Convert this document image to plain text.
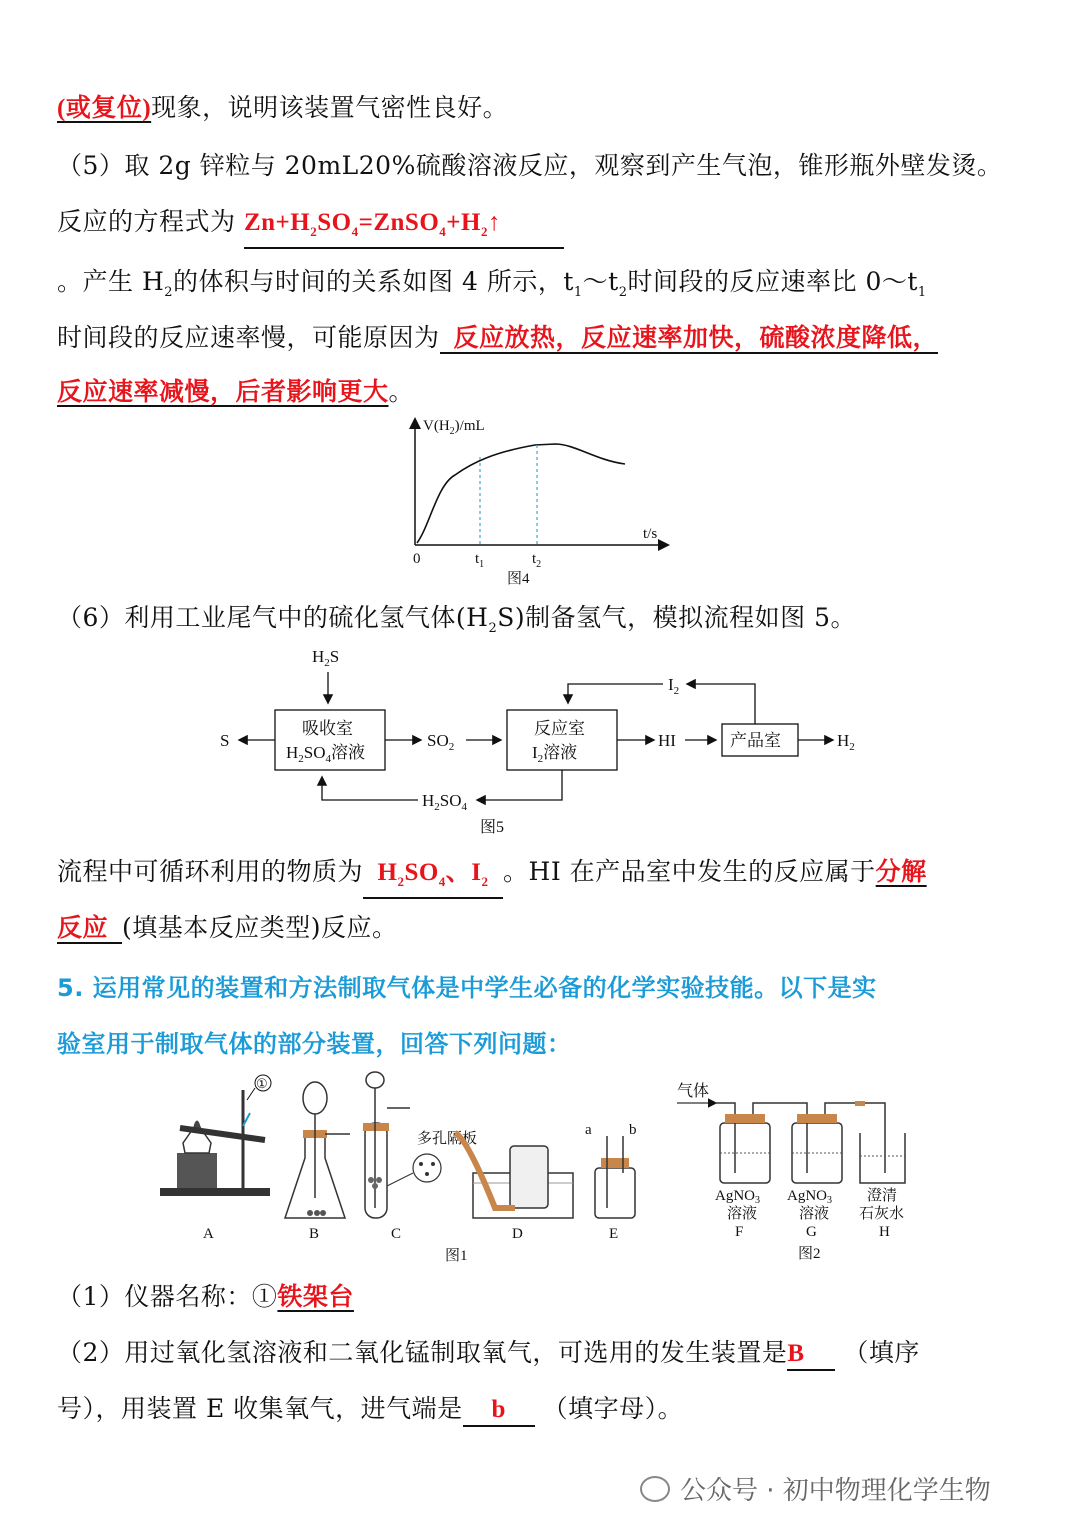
(或复位)现象，说明该装置气密性良好。
（5）取 2g 锌粒与 20mL20%硫酸溶液反应，观察到产生气泡，锥形瓶外壁发烫。
反应的方程式为 $Zn+H_2SO_4=ZnSO_4+H_2↑$
。产生 $H_2$的体积与时间的关系如图 4 所示，$t_1\sim t_2$时间段的反应速率比 $0\sim t_1$
时间段的反应速率慢，可能原因为 反应放热，反应速率加快，硫酸浓度降低，
反应速率减慢，后者影响更大。
$V(H_2)/mL$
t/s
0	$t_1$	$t_2$
图4
（6）利用工业尾气中的硫化氢气体$(H_2S)$制备氢气，模拟流程如图 5。
$H_2S$
吸收室
$H_2SO_4$溶液
S	$SO_2$
反应室
$I_2$溶液
HI	产品室	$H_2$
$I_2$
$H_2SO_4$
图5
流程中可循环利用的物质为 $H_2SO_4$、$I_2$ 。HI 在产品室中发生的反应属于分解
反应 (填基本反应类型)反应。
5. 运用常见的装置和方法制取气体是中学生必备的化学实验技能。以下是实
验室用于制取气体的部分装置，回答下列问题：
①
多孔隔板
a b
A	B	C	D	E
图1
气体
AgNO$_3$
溶液
F
AgNO$_3$
溶液
G
澄清
石灰水
H
图2
（1）仪器名称：①铁架台
（2）用过氧化氢溶液和二氧化锰制取氧气，可选用的发生装置是B （填序
号），用装置 E 收集氧气，进气端是 b （填字母）。
公众号 · 初中物理化学生物
